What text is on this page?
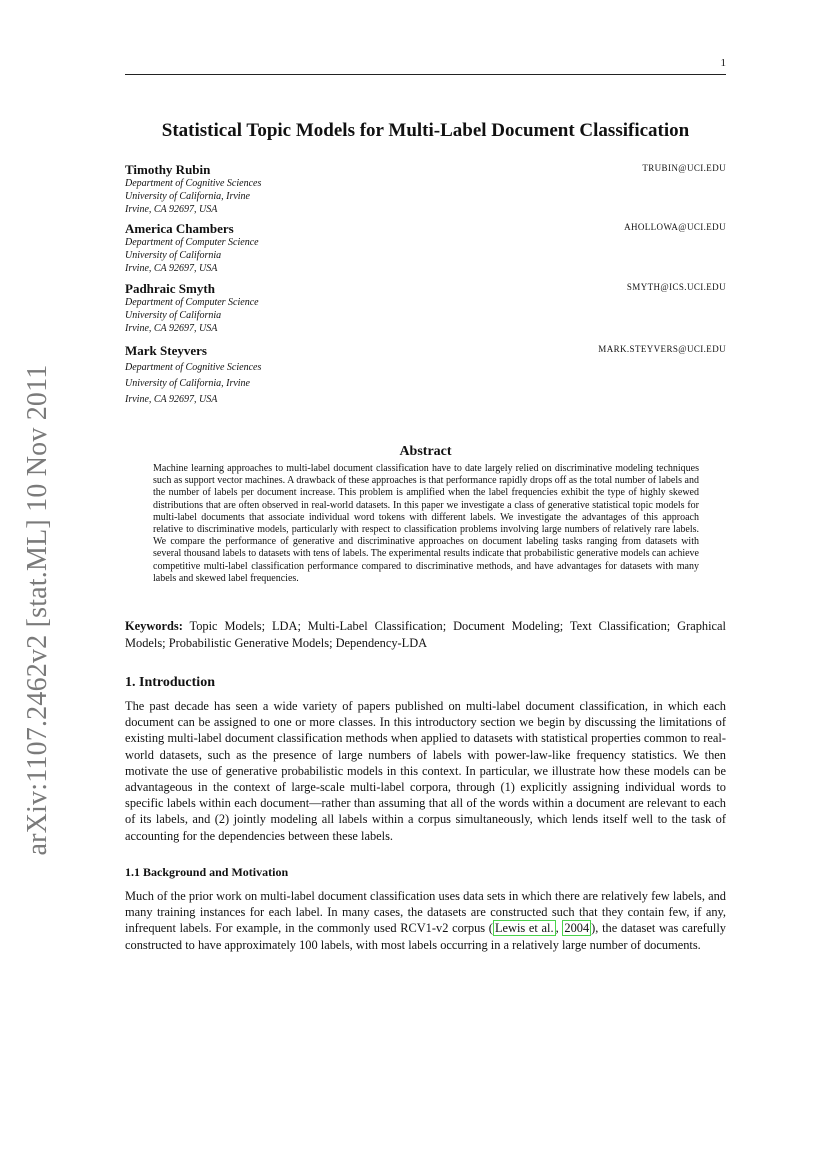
1
arXiv:1107.2462v2 [stat.ML] 10 Nov 2011
Statistical Topic Models for Multi-Label Document Classification
Timothy Rubin	TRUBIN@UCI.EDU
Department of Cognitive Sciences
University of California, Irvine
Irvine, CA 92697, USA
America Chambers	AHOLLOWA@UCI.EDU
Department of Computer Science
University of California
Irvine, CA 92697, USA
Padhraic Smyth	SMYTH@ICS.UCI.EDU
Department of Computer Science
University of California
Irvine, CA 92697, USA
Mark Steyvers	MARK.STEYVERS@UCI.EDU
Department of Cognitive Sciences
University of California, Irvine
Irvine, CA 92697, USA
Abstract

Machine learning approaches to multi-label document classification have to date largely relied on discriminative modeling techniques such as support vector machines. A drawback of these approaches is that performance rapidly drops off as the total number of labels and the number of labels per document increase. This problem is amplified when the label frequencies exhibit the type of highly skewed distributions that are often observed in real-world datasets. In this paper we investigate a class of generative statistical topic models for multi-label documents that associate individual word tokens with different labels. We investigate the advantages of this approach relative to discriminative models, particularly with respect to classification problems involving large numbers of relatively rare labels. We compare the performance of generative and discriminative approaches on document labeling tasks ranging from datasets with several thousand labels to datasets with tens of labels. The experimental results indicate that probabilistic generative models can achieve competitive multi-label classification performance compared to discriminative methods, and have advantages for datasets with many labels and skewed label frequencies.

Keywords: Topic Models; LDA; Multi-Label Classification; Document Modeling; Text Classification; Graphical Models; Probabilistic Generative Models; Dependency-LDA

1. Introduction

The past decade has seen a wide variety of papers published on multi-label document classification, in which each document can be assigned to one or more classes. In this introductory section we begin by discussing the limitations of existing multi-label document classification methods when applied to datasets with statistical properties common to real-world datasets, such as the presence of large numbers of labels with power-law-like frequency statistics. We then motivate the use of generative probabilistic models in this context. In particular, we illustrate how these models can be advantageous in the context of large-scale multi-label corpora, through (1) explicitly assigning individual words to specific labels within each document—rather than assuming that all of the words within a document are relevant to each of its labels, and (2) jointly modeling all labels within a corpus simultaneously, which lends itself well to the task of accounting for the dependencies between these labels.

1.1 Background and Motivation

Much of the prior work on multi-label document classification uses data sets in which there are relatively few labels, and many training instances for each label. In many cases, the datasets are constructed such that they contain few, if any, infrequent labels. For example, in the commonly used RCV1-v2 corpus ( Lewis et al. , 2004 ), the dataset was carefully constructed to have approximately 100 labels, with most labels occurring in a relatively large number of documents.
